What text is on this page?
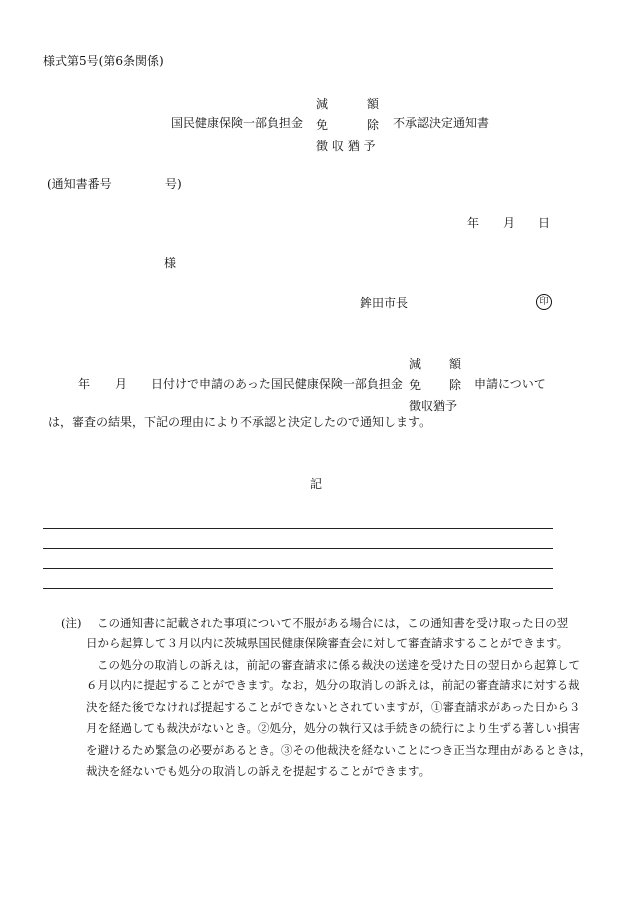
様式第5号(第6条関係)
国民健康保険一部負担金
減
免
徴 収 猶 予
額
除 不承認決定通知書
(通知書番号	号)
年 月 日
様
鉾田市長	印
年 月 日付けで申請のあった国民健康保険一部負担金
減
免
徴収猶予
額
除 申請について
は，審査の結果，下記の理由により不承認と決定したので通知します。
記
(注) この通知書に記載された事項について不服がある場合には，この通知書を受け取った日の翌
日から起算して３月以内に茨城県国民健康保険審査会に対して審査請求することができます。
この処分の取消しの訴えは，前記の審査請求に係る裁決の送達を受けた日の翌日から起算して
６月以内に提起することができます。なお，処分の取消しの訴えは，前記の審査請求に対する裁
決を経た後でなければ提起することができないとされていますが，①審査請求があった日から３
月を経過しても裁決がないとき。②処分，処分の執行又は手続きの続行により生ずる著しい損害
を避けるため緊急の必要があるとき。③その他裁決を経ないことにつき正当な理由があるときは，
裁決を経ないでも処分の取消しの訴えを提起することができます。
